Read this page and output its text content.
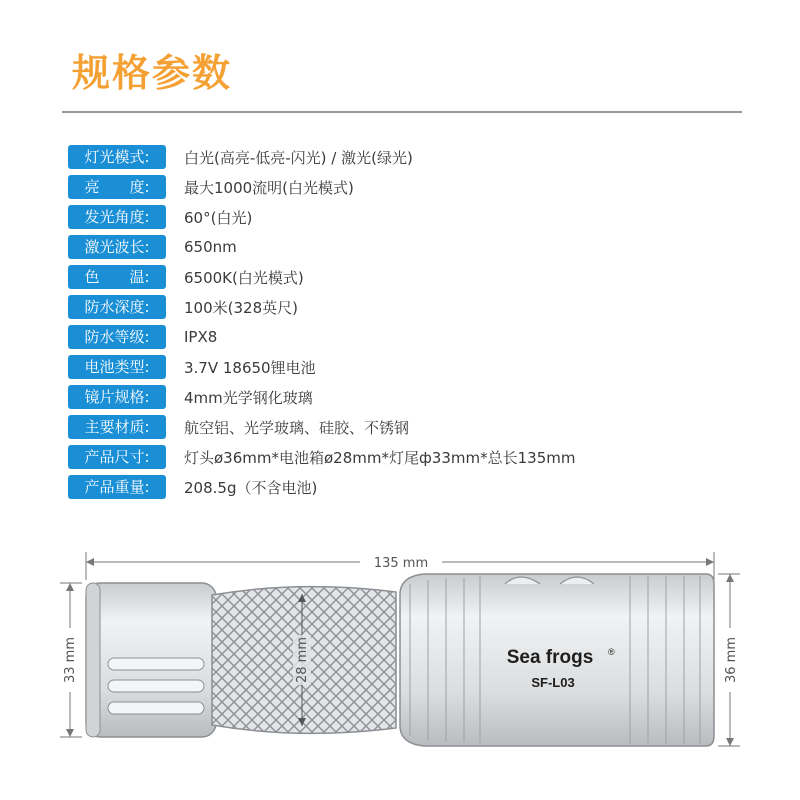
规格参数
灯光模式:	白光(高亮-低亮-闪光) / 激光(绿光)
亮　　度:	最大1000流明(白光模式)
发光角度:	60°(白光)
激光波长:	650nm
色　　温:	6500K(白光模式)
防水深度:	100米(328英尺)
防水等级:	IPX8
电池类型:	3.7V 18650锂电池
镜片规格:	4mm光学钢化玻璃
主要材质:	航空铝、光学玻璃、硅胶、不锈钢
产品尺寸:	灯头ø36mm*电池箱ø28mm*灯尾ф33mm*总长135mm
产品重量:	208.5g（不含电池)
135 mm
33 mm	36 mm
28 mm	Sea frogs ®
SF-L03
